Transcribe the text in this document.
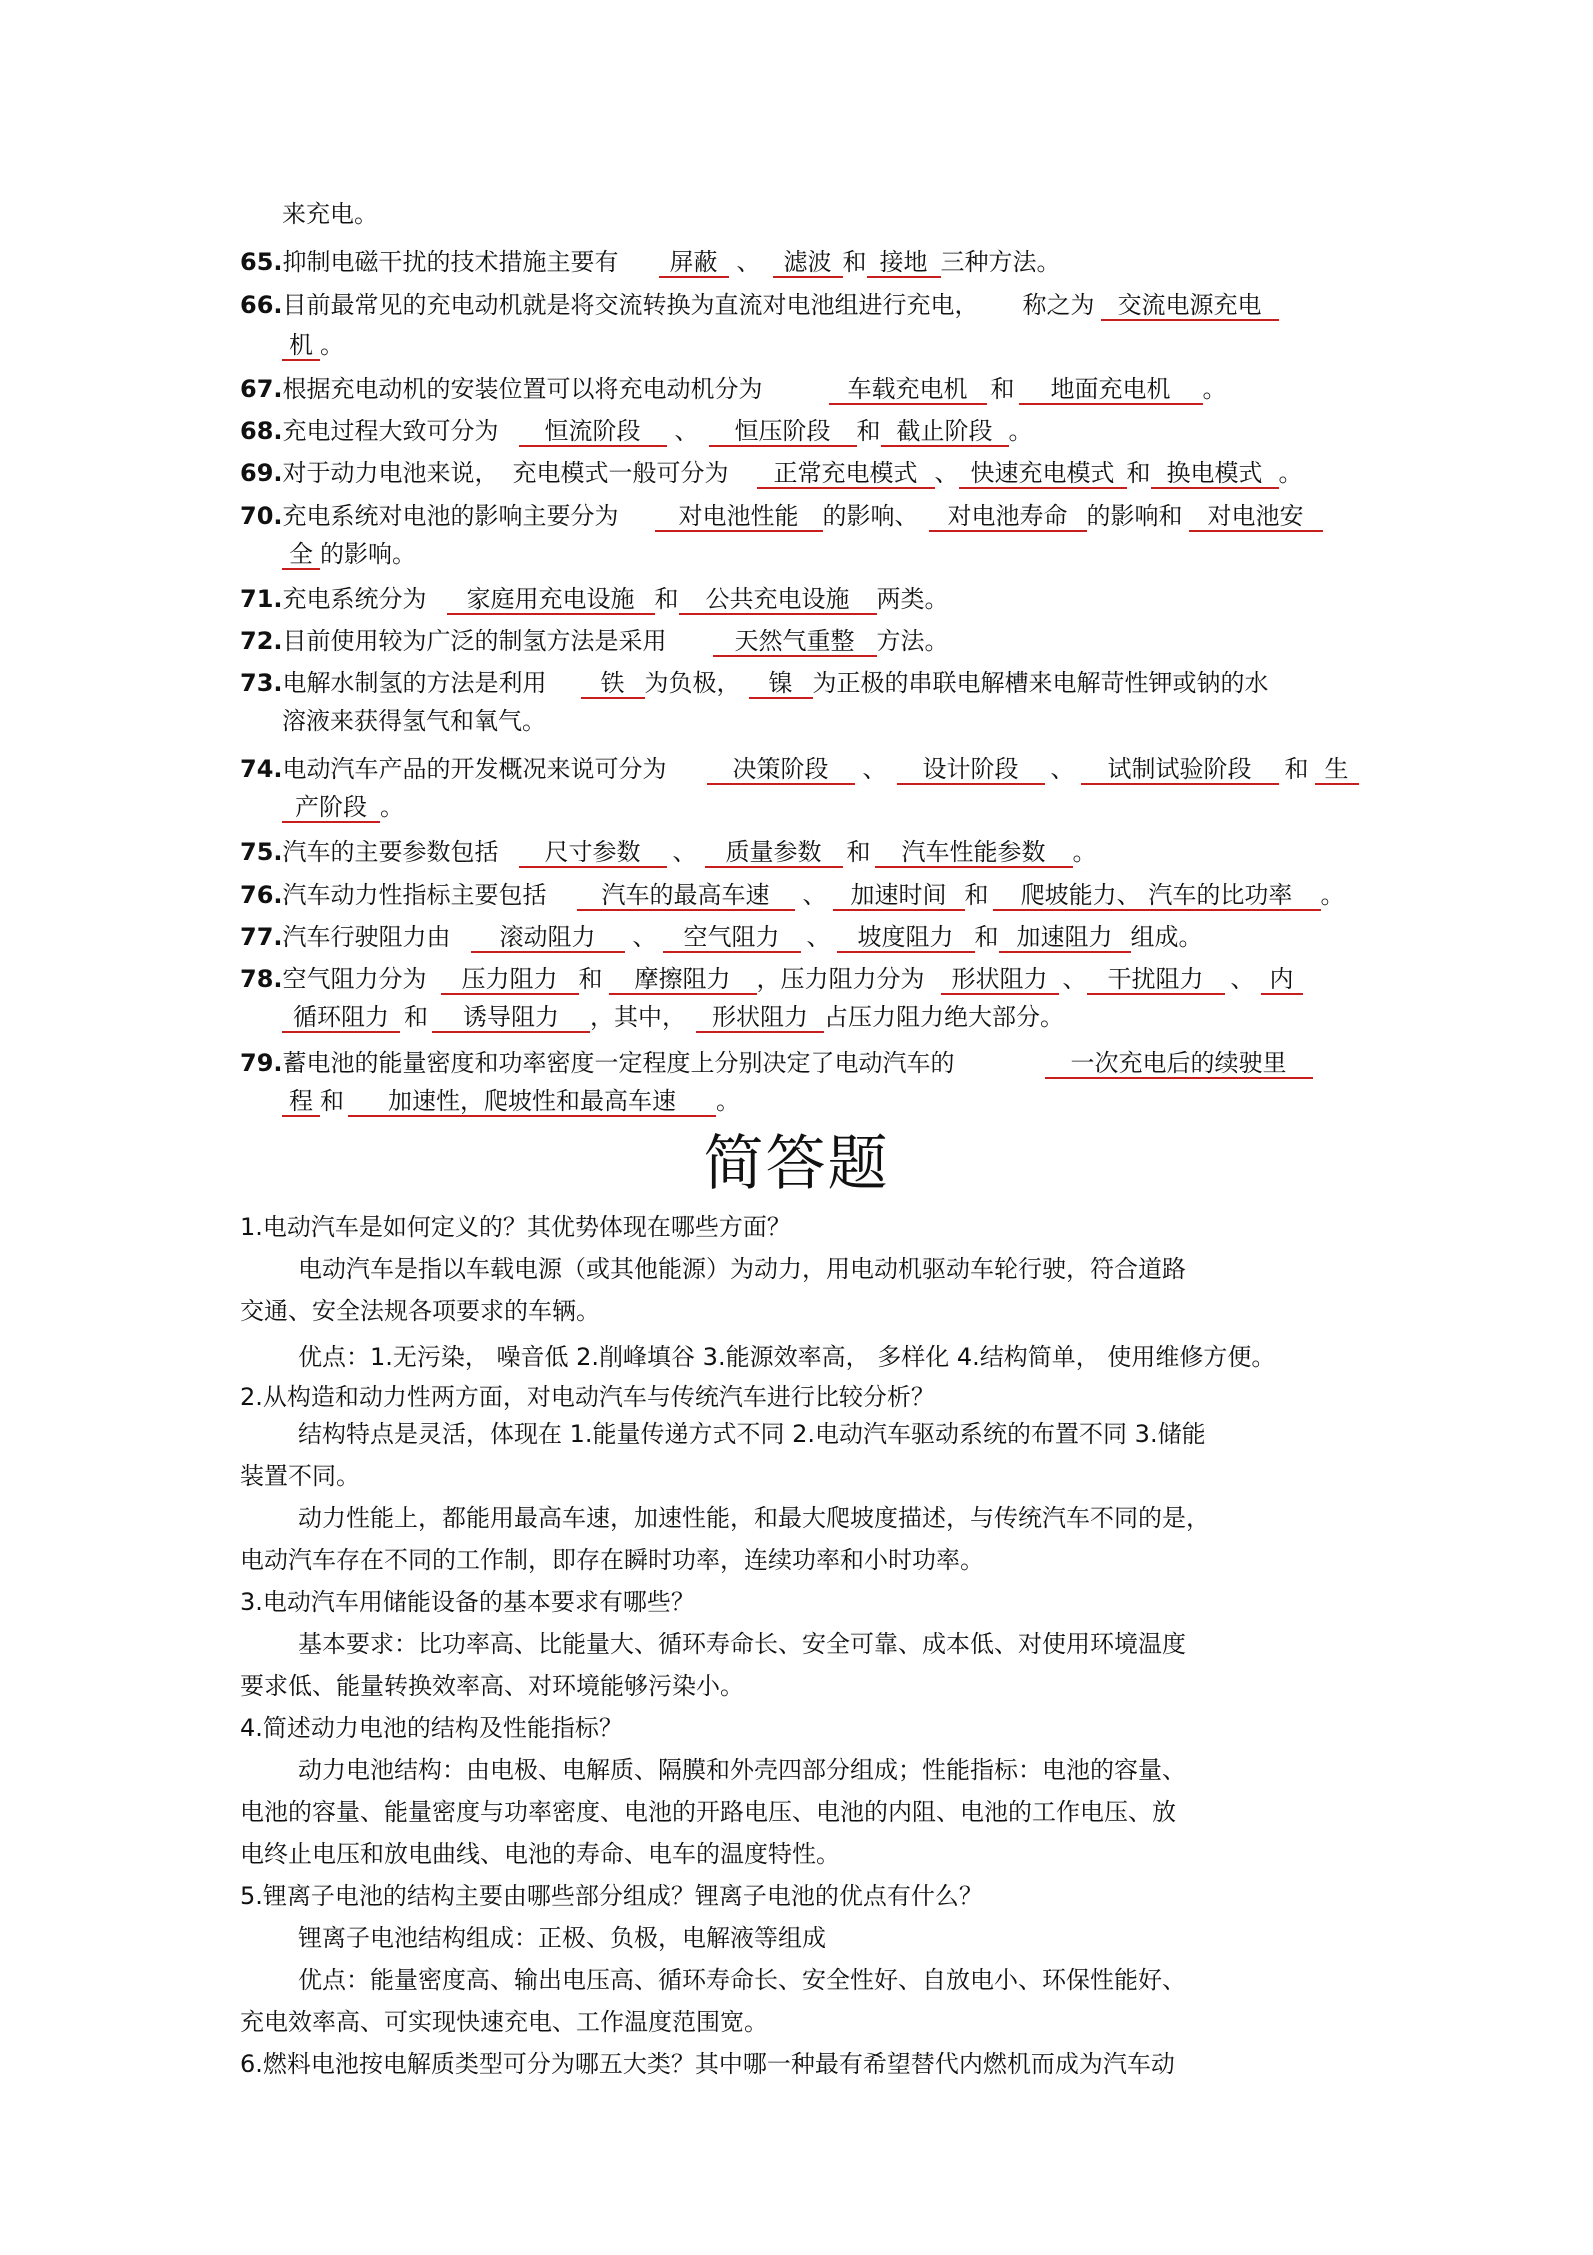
来充电。
65.抑制电磁干扰的技术措施主要有 屏蔽 、 滤波 和 接地 三种方法。
66.目前最常见的充电动机就是将交流转换为直流对电池组进行充电， 称之为 交流电源充电
机 。
67.根据充电动机的安装位置可以将充电动机分为	车载充电机 和 地面充电机 。
68.充电过程大致可分为 恒流阶段 、 恒压阶段 和 截止阶段 。
69.对于动力电池来说， 充电模式一般可分为 正常充电模式 、 快速充电模式 和 换电模式 。
70.充电系统对电池的影响主要分为	对电池性能 的影响、 对电池寿命 的影响和 对电池安
全 的影响。
71.充电系统分为 家庭用充电设施 和 公共充电设施 两类。
72.目前使用较为广泛的制氢方法是采用	天然气重整 方法。
73.电解水制氢的方法是利用 铁 为负极， 镍 为正极的串联电解槽来电解苛性钾或钠的水
溶液来获得氢气和氧气。
74.电动汽车产品的开发概况来说可分为	决策阶段 、 设计阶段 、 试制试验阶段 和 生
产阶段 。
75.汽车的主要参数包括 尺寸参数 、 质量参数 和 汽车性能参数 。
76.汽车动力性指标主要包括 汽车的最高车速 、 加速时间 和 爬坡能力、 汽车的比功率 。
77.汽车行驶阻力由 滚动阻力 、 空气阻力 、 坡度阻力 和 加速阻力 组成。
78.空气阻力分为 压力阻力 和 摩擦阻力 ，压力阻力分为 形状阻力 、 干扰阻力 、 内
循环阻力 和 诱导阻力 ，其中， 形状阻力 占压力阻力绝大部分。
79.蓄电池的能量密度和功率密度一定程度上分别决定了电动汽车的	一次充电后的续驶里
程 和 加速性，爬坡性和最高车速 。
简答题
1.电动汽车是如何定义的？其优势体现在哪些方面？
电动汽车是指以车载电源（或其他能源）为动力，用电动机驱动车轮行驶，符合道路
交通、安全法规各项要求的车辆。
优点：1.无污染， 噪音低 2.削峰填谷 3.能源效率高， 多样化 4.结构简单， 使用维修方便。
2.从构造和动力性两方面，对电动汽车与传统汽车进行比较分析？
结构特点是灵活，体现在 1.能量传递方式不同 2.电动汽车驱动系统的布置不同 3.储能
装置不同。
动力性能上，都能用最高车速，加速性能，和最大爬坡度描述，与传统汽车不同的是，
电动汽车存在不同的工作制，即存在瞬时功率，连续功率和小时功率。
3.电动汽车用储能设备的基本要求有哪些？
基本要求：比功率高、比能量大、循环寿命长、安全可靠、成本低、对使用环境温度
要求低、能量转换效率高、对环境能够污染小。
4.简述动力电池的结构及性能指标？
动力电池结构：由电极、电解质、隔膜和外壳四部分组成；性能指标：电池的容量、
电池的容量、能量密度与功率密度、电池的开路电压、电池的内阻、电池的工作电压、放
电终止电压和放电曲线、电池的寿命、电车的温度特性。
5.锂离子电池的结构主要由哪些部分组成？锂离子电池的优点有什么？
锂离子电池结构组成：正极、负极，电解液等组成
优点：能量密度高、输出电压高、循环寿命长、安全性好、自放电小、环保性能好、
充电效率高、可实现快速充电、工作温度范围宽。
6.燃料电池按电解质类型可分为哪五大类？其中哪一种最有希望替代内燃机而成为汽车动
